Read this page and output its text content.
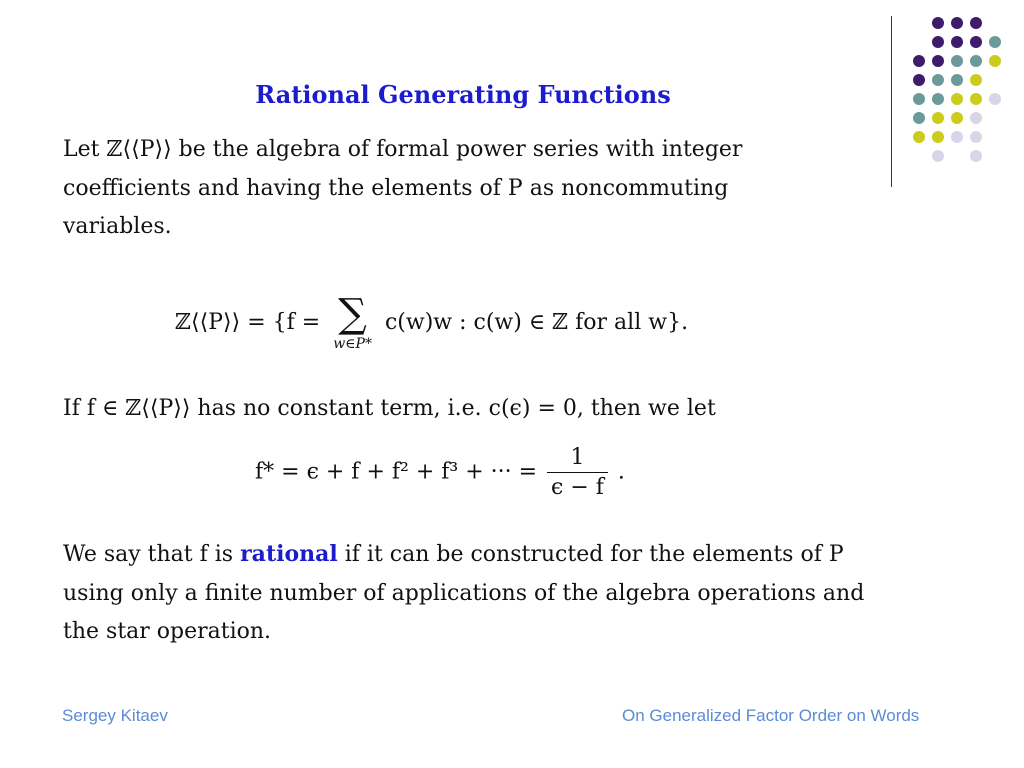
Rational Generating Functions

Let ℤ⟨⟨P⟩⟩ be the algebra of formal power series with integer coefficients and having the elements of P as noncommuting variables.

ℤ⟨⟨P⟩⟩ = {f = ∑
w∈P*
c(w)w : c(w) ∈ ℤ for all w}.

If f ∈ ℤ⟨⟨P⟩⟩ has no constant term, i.e. c(ϵ) = 0, then we let

f* = ϵ + f + f² + f³ + ··· = $\frac{1}{\epsilon - f}$ .

We say that f is rational if it can be constructed for the elements of P using only a finite number of applications of the algebra operations and the star operation.

Sergey Kitaev	On Generalized Factor Order on Words
